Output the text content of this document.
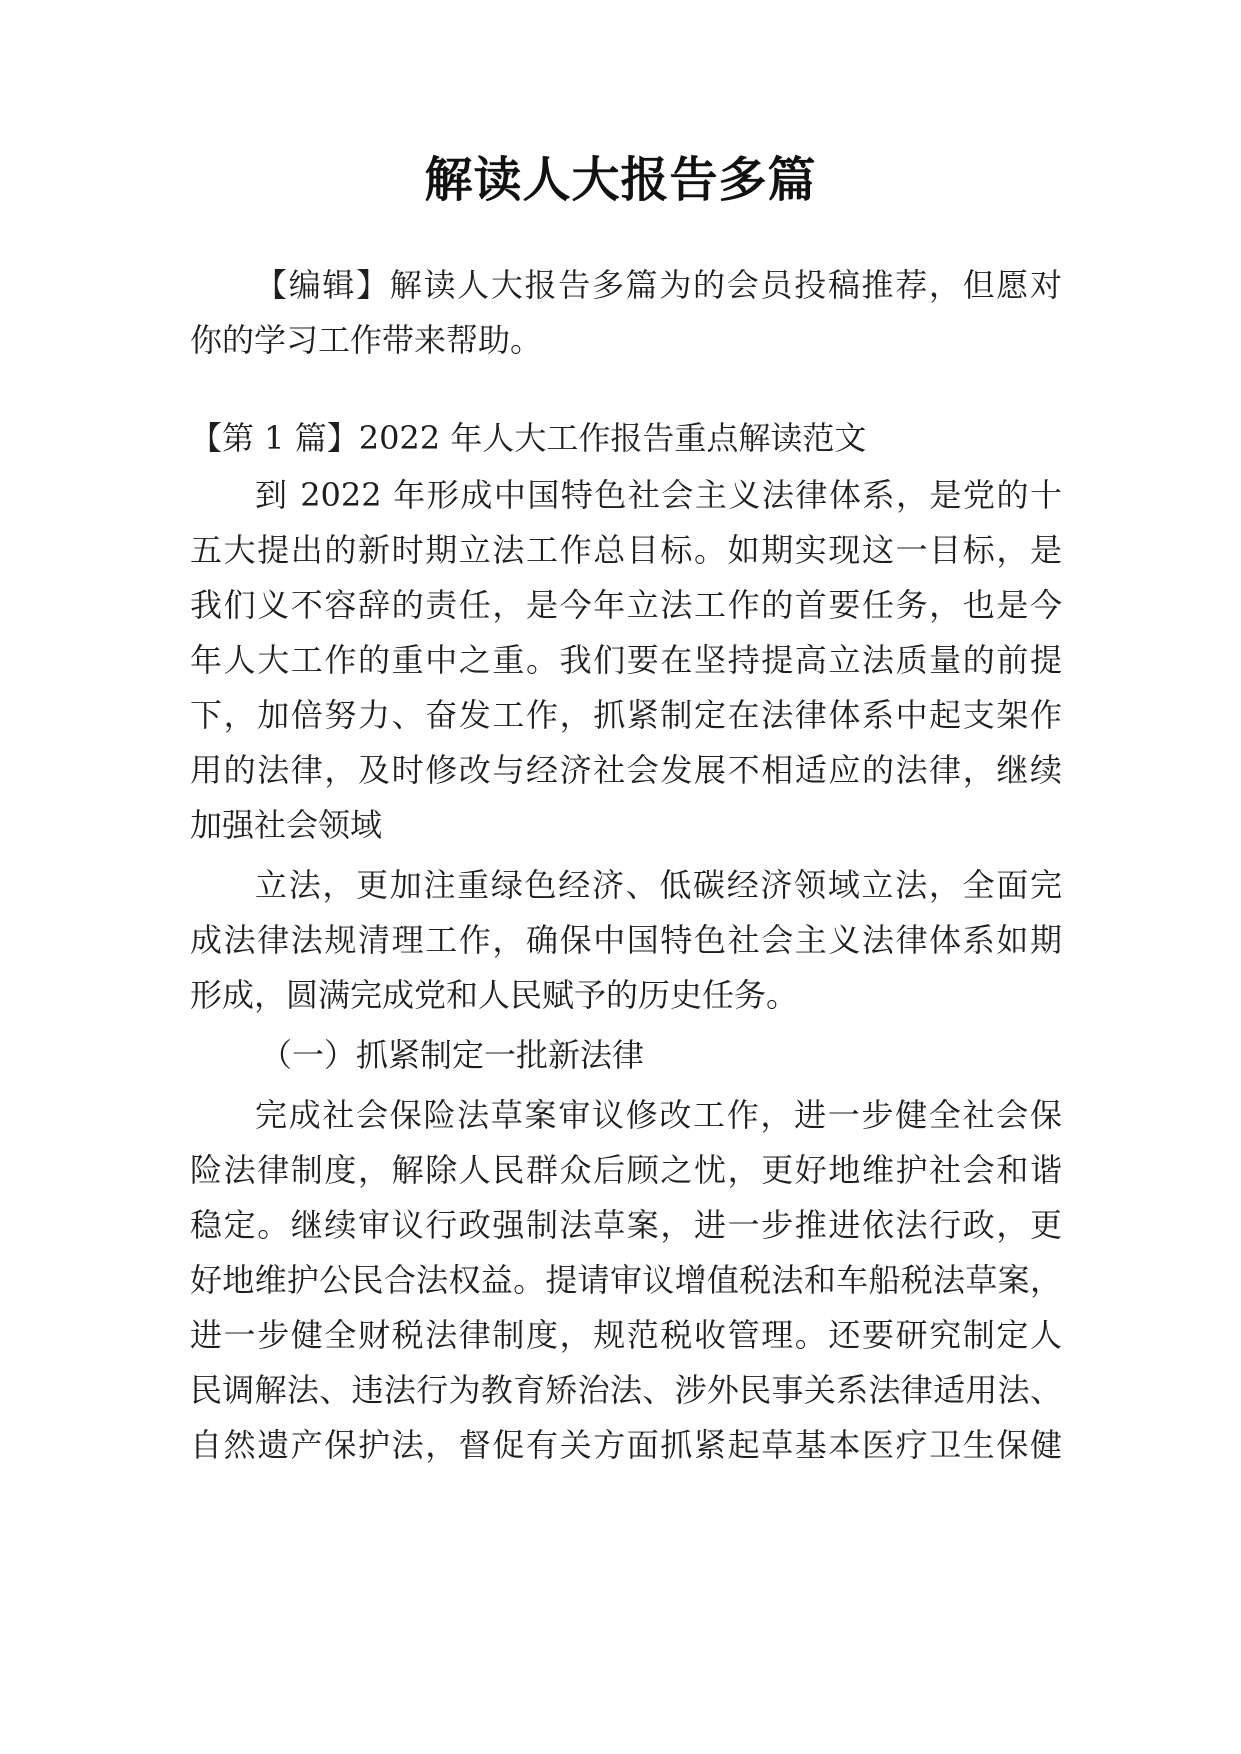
解读人大报告多篇

【编辑】解读人大报告多篇为的会员投稿推荐，但愿对

你的学习工作带来帮助。

【第 1 篇】2022 年人大工作报告重点解读范文

到 2022 年形成中国特色社会主义法律体系，是党的十

五大提出的新时期立法工作总目标。如期实现这一目标，是

我们义不容辞的责任，是今年立法工作的首要任务，也是今

年人大工作的重中之重。我们要在坚持提高立法质量的前提

下，加倍努力、奋发工作，抓紧制定在法律体系中起支架作

用的法律，及时修改与经济社会发展不相适应的法律，继续

加强社会领域

立法，更加注重绿色经济、低碳经济领域立法，全面完

成法律法规清理工作，确保中国特色社会主义法律体系如期

形成，圆满完成党和人民赋予的历史任务。

（一）抓紧制定一批新法律

完成社会保险法草案审议修改工作，进一步健全社会保

险法律制度，解除人民群众后顾之忧，更好地维护社会和谐

稳定。继续审议行政强制法草案，进一步推进依法行政，更

好地维护公民合法权益。提请审议增值税法和车船税法草案，

进一步健全财税法律制度，规范税收管理。还要研究制定人

民调解法、违法行为教育矫治法、涉外民事关系法律适用法、

自然遗产保护法，督促有关方面抓紧起草基本医疗卫生保健
